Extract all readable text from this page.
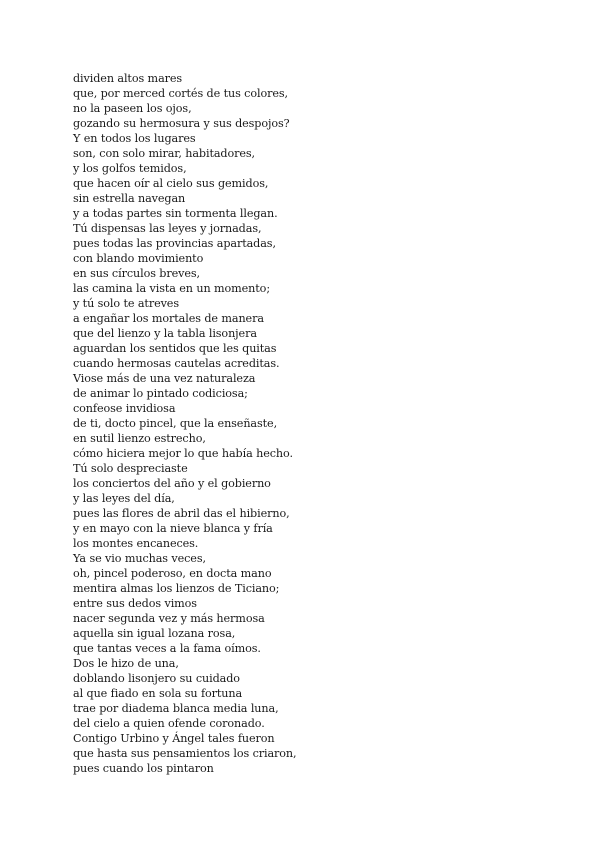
dividen altos mares
que, por merced cortés de tus colores,
no la paseen los ojos,
gozando su hermosura y sus despojos?
Y en todos los lugares
son, con solo mirar, habitadores,
y los golfos temidos,
que hacen oír al cielo sus gemidos,
sin estrella navegan
y a todas partes sin tormenta llegan.
Tú dispensas las leyes y jornadas,
pues todas las provincias apartadas,
con blando movimiento
en sus círculos breves,
las camina la vista en un momento;
y tú solo te atreves
a engañar los mortales de manera
que del lienzo y la tabla lisonjera
aguardan los sentidos que les quitas
cuando hermosas cautelas acreditas.
Viose más de una vez naturaleza
de animar lo pintado codiciosa;
confeose invidiosa
de ti, docto pincel, que la enseñaste,
en sutil lienzo estrecho,
cómo hiciera mejor lo que había hecho.
Tú solo despreciaste
los conciertos del año y el gobierno
y las leyes del día,
pues las flores de abril das el hibierno,
y en mayo con la nieve blanca y fría
los montes encaneces.
Ya se vio muchas veces,
oh, pincel poderoso, en docta mano
mentira almas los lienzos de Ticiano;
entre sus dedos vimos
nacer segunda vez y más hermosa
aquella sin igual lozana rosa,
que tantas veces a la fama oímos.
Dos le hizo de una,
doblando lisonjero su cuidado
al que fiado en sola su fortuna
trae por diadema blanca media luna,
del cielo a quien ofende coronado.
Contigo Urbino y Ángel tales fueron
que hasta sus pensamientos los criaron,
pues cuando los pintaron
